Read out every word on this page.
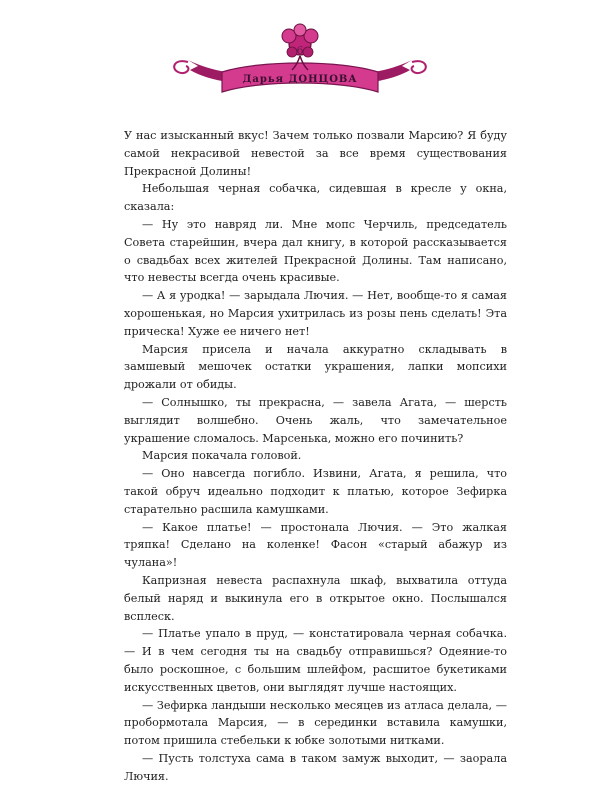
6
Дарья ДОНЦОВА

У нас изысканный вкус! Зачем только позвали Марсию? Я буду самой некрасивой невестой за все время существования Прекрасной Долины!

Небольшая черная собачка, сидевшая в кресле у окна, сказала:

— Ну это навряд ли. Мне мопс Черчиль, председатель Совета старейшин, вчера дал книгу, в которой рассказывается о свадьбах всех жителей Прекрасной Долины. Там написано, что невесты всегда очень красивые.

— А я уродка! — зарыдала Лючия. — Нет, вообще-то я самая хорошенькая, но Марсия ухитрилась из розы пень сделать! Эта прическа! Хуже ее ничего нет!

Марсия присела и начала аккуратно складывать в замшевый мешочек остатки украшения, лапки мопсихи дрожали от обиды.

— Солнышко, ты прекрасна, — завела Агата, — шерсть выглядит волшебно. Очень жаль, что замечательное украшение сломалось. Марсенька, можно его починить?

Марсия покачала головой.

— Оно навсегда погибло. Извини, Агата, я решила, что такой обруч идеально подходит к платью, которое Зефирка старательно расшила камушками.

— Какое платье! — простонала Лючия. — Это жалкая тряпка! Сделано на коленке! Фасон «старый абажур из чулана»!

Капризная невеста распахнула шкаф, выхватила оттуда белый наряд и выкинула его в открытое окно. Послышался всплеск.

— Платье упало в пруд, — констатировала черная собачка. — И в чем сегодня ты на свадьбу отправишься? Одеяние-то было роскошное, с большим шлейфом, расшитое букетиками искусственных цветов, они выглядят лучше настоящих.

— Зефирка ландыши несколько месяцев из атласа делала, — пробормотала Марсия, — в серединки вставила камушки, потом пришила стебельки к юбке золотыми нитками.

— Пусть толстуха сама в таком замуж выходит, — заорала Лючия.
